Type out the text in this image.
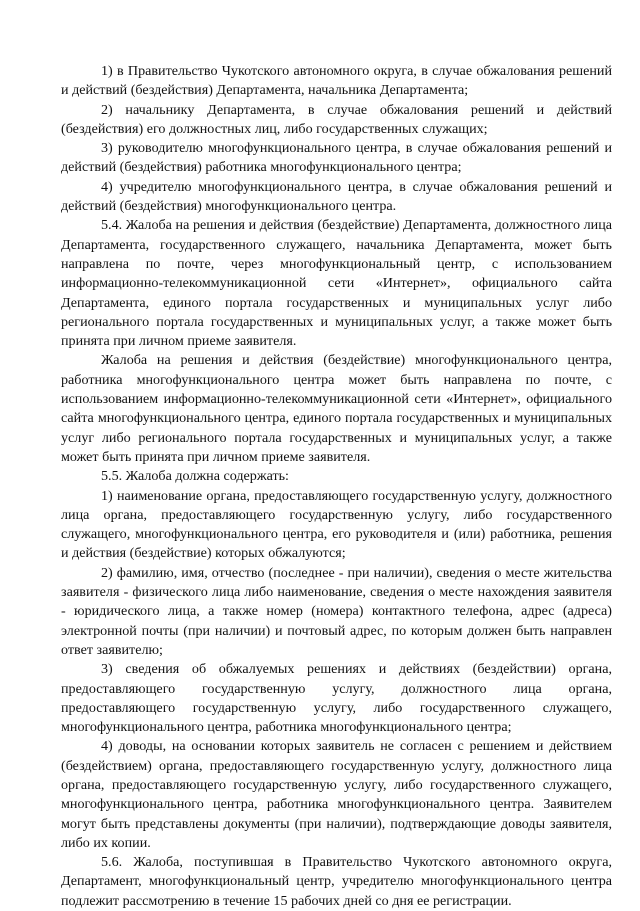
1) в Правительство Чукотского автономного округа, в случае обжалования решений и действий (бездействия) Департамента, начальника Департамента;

2) начальнику Департамента, в случае обжалования решений и действий (бездействия) его должностных лиц, либо государственных служащих;

3) руководителю многофункционального центра, в случае обжалования решений и действий (бездействия) работника многофункционального центра;

4) учредителю многофункционального центра, в случае обжалования решений и действий (бездействия) многофункционального центра.

5.4. Жалоба на решения и действия (бездействие) Департамента, должностного лица Департамента, государственного служащего, начальника Департамента, может быть направлена по почте, через многофункциональный центр, с использованием информационно-телекоммуникационной сети «Интернет», официального сайта Департамента, единого портала государственных и муниципальных услуг либо регионального портала государственных и муниципальных услуг, а также может быть принята при личном приеме заявителя.

Жалоба на решения и действия (бездействие) многофункционального центра, работника многофункционального центра может быть направлена по почте, с использованием информационно-телекоммуникационной сети «Интернет», официального сайта многофункционального центра, единого портала государственных и муниципальных услуг либо регионального портала государственных и муниципальных услуг, а также может быть принята при личном приеме заявителя.

5.5. Жалоба должна содержать:

1) наименование органа, предоставляющего государственную услугу, должностного лица органа, предоставляющего государственную услугу, либо государственного служащего, многофункционального центра, его руководителя и (или) работника, решения и действия (бездействие) которых обжалуются;

2) фамилию, имя, отчество (последнее - при наличии), сведения о месте жительства заявителя - физического лица либо наименование, сведения о месте нахождения заявителя - юридического лица, а также номер (номера) контактного телефона, адрес (адреса) электронной почты (при наличии) и почтовый адрес, по которым должен быть направлен ответ заявителю;

3) сведения об обжалуемых решениях и действиях (бездействии) органа, предоставляющего государственную услугу, должностного лица органа, предоставляющего государственную услугу, либо государственного служащего, многофункционального центра, работника многофункционального центра;

4) доводы, на основании которых заявитель не согласен с решением и действием (бездействием) органа, предоставляющего государственную услугу, должностного лица органа, предоставляющего государственную услугу, либо государственного служащего, многофункционального центра, работника многофункционального центра. Заявителем могут быть представлены документы (при наличии), подтверждающие доводы заявителя, либо их копии.

5.6. Жалоба, поступившая в Правительство Чукотского автономного округа, Департамент, многофункциональный центр, учредителю многофункционального центра подлежит рассмотрению в течение 15 рабочих дней со дня ее регистрации.
